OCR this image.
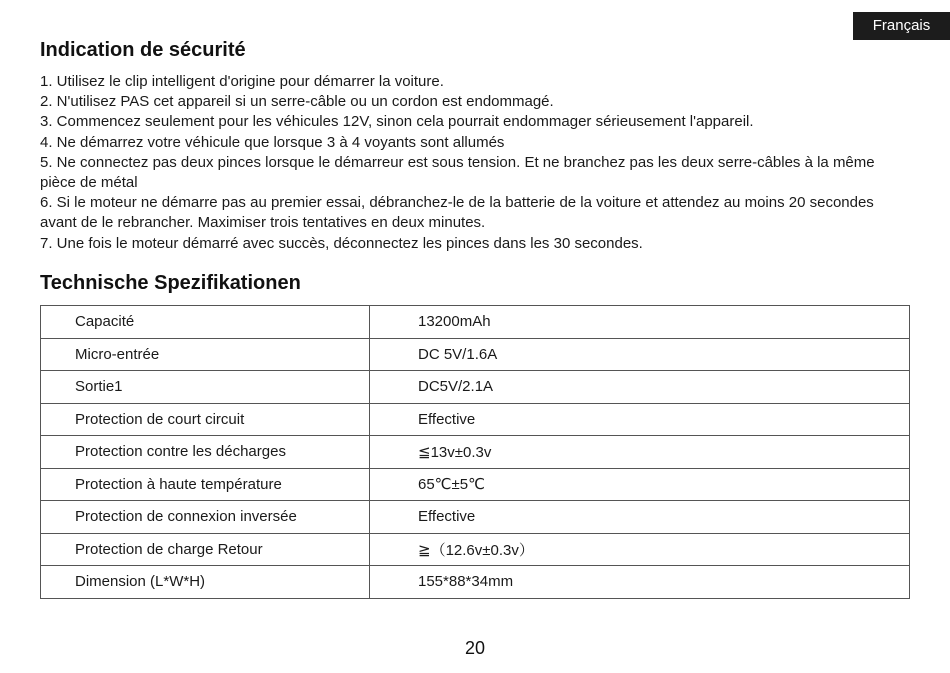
Français
Indication de sécurité
1. Utilisez le clip intelligent d'origine pour démarrer la voiture.
2. N'utilisez PAS cet appareil si un serre-câble ou un cordon est endommagé.
3. Commencez seulement pour les véhicules 12V, sinon cela pourrait endommager sérieusement l'appareil.
4. Ne démarrez votre véhicule que lorsque 3 à 4 voyants sont allumés
5. Ne connectez pas deux pinces lorsque le démarreur est sous tension. Et ne branchez pas les deux serre-câbles à la même pièce de métal
6. Si le moteur ne démarre pas au premier essai, débranchez-le de la batterie de la voiture et attendez au moins 20 secondes avant de le rebrancher. Maximiser trois tentatives en deux minutes.
7. Une fois le moteur démarré avec succès, déconnectez les pinces dans les 30 secondes.
Technische Spezifikationen
Capacité	13200mAh
Micro-entrée	DC 5V/1.6A
Sortie1	DC5V/2.1A
Protection de court circuit	Effective
Protection contre les décharges	≦13v±0.3v
Protection à haute température	65℃±5℃
Protection de connexion inversée	Effective
Protection de charge Retour	≧（12.6v±0.3v）
Dimension (L*W*H)	155*88*34mm
20
